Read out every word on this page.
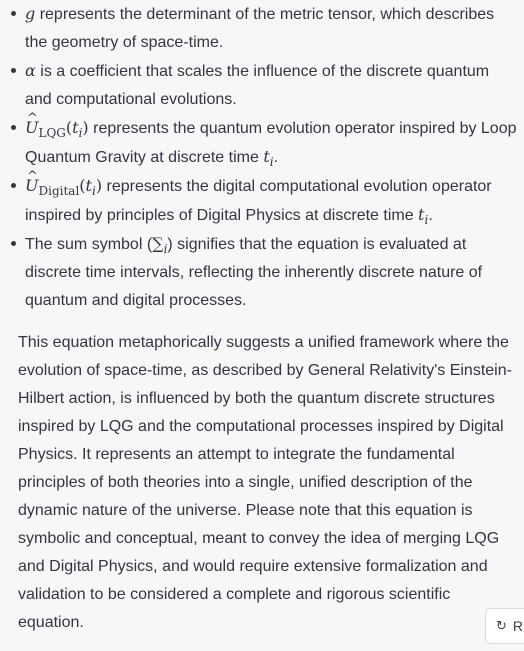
g represents the determinant of the metric tensor, which describes the geometry of space-time.
α is a coefficient that scales the influence of the discrete quantum and computational evolutions.
^ $U_{LQG}(t_i)$ represents the quantum evolution operator inspired by Loop Quantum Gravity at discrete time $t_i$.
^ $U_{Digital}(t_i)$ represents the digital computational evolution operator inspired by principles of Digital Physics at discrete time $t_i$.
The sum symbol $(\sum_i)$ signifies that the equation is evaluated at discrete time intervals, reflecting the inherently discrete nature of quantum and digital processes.

This equation metaphorically suggests a unified framework where the evolution of space-time, as described by General Relativity's Einstein-Hilbert action, is influenced by both the quantum discrete structures inspired by LQG and the computational processes inspired by Digital Physics. It represents an attempt to integrate the fundamental principles of both theories into a single, unified description of the dynamic nature of the universe. Please note that this equation is symbolic and conceptual, meant to convey the idea of merging LQG and Digital Physics, and would require extensive formalization and validation to be considered a complete and rigorous scientific equation.	↻ R
